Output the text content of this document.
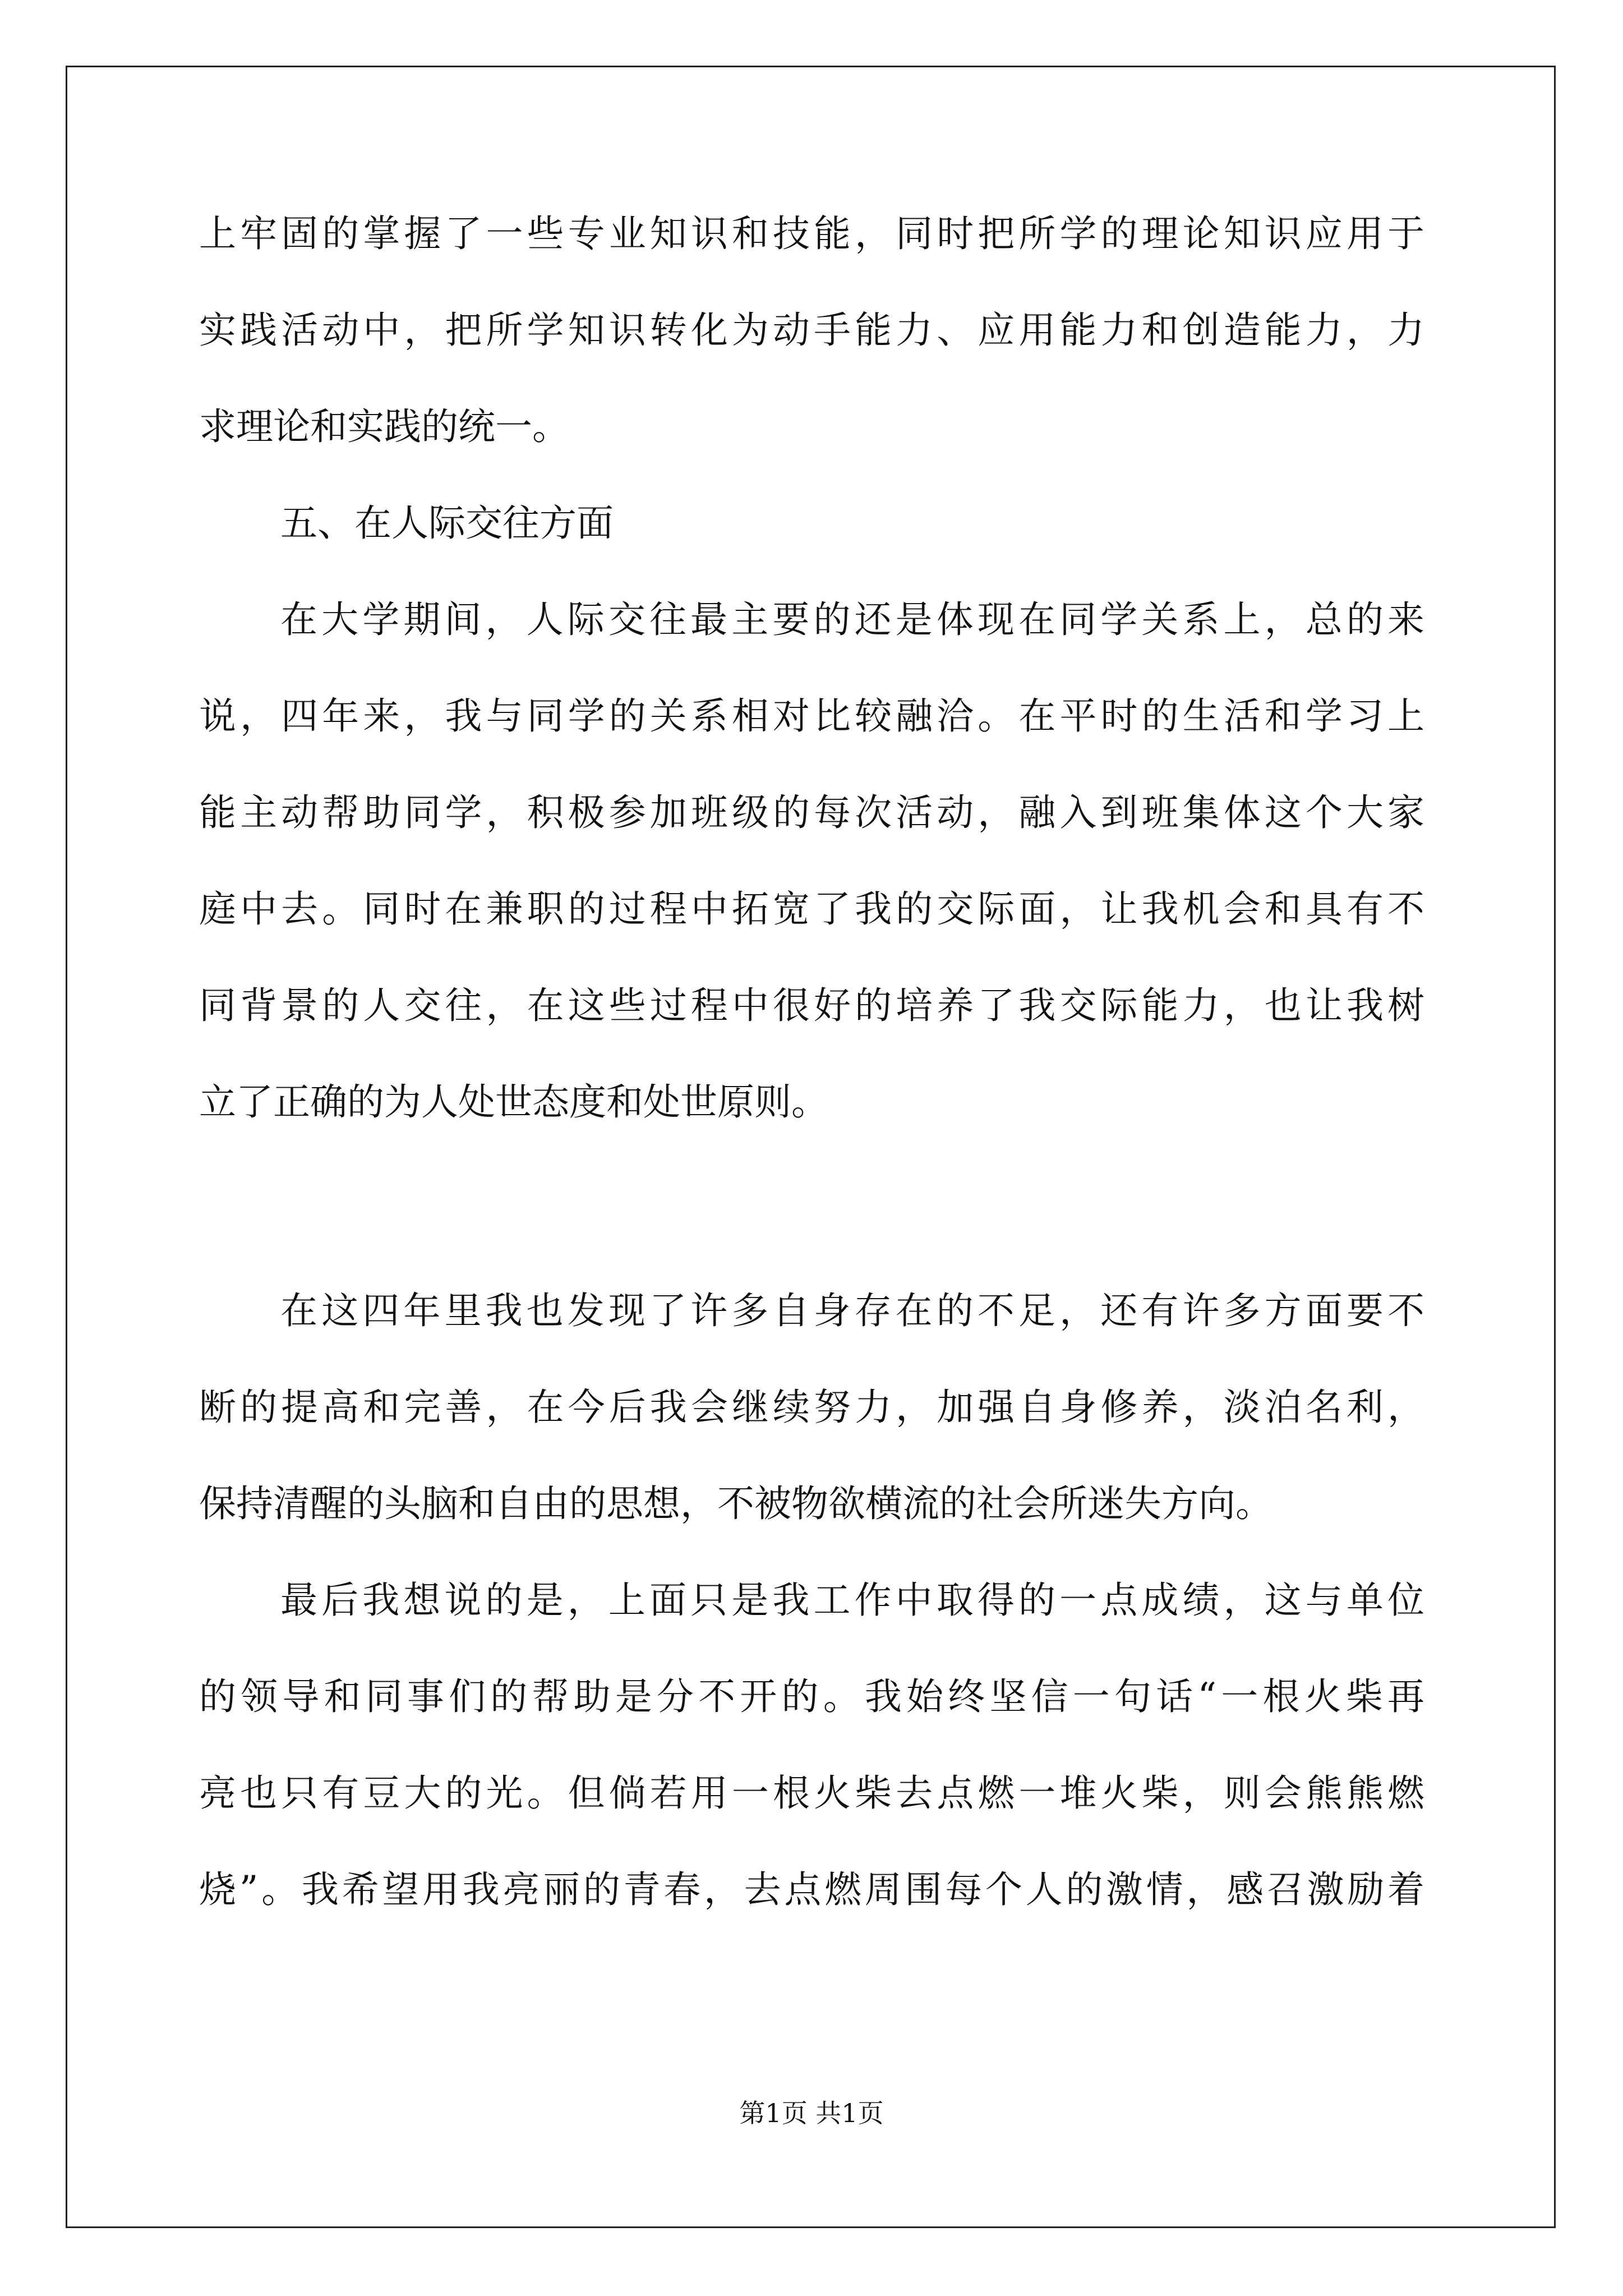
上牢固的掌握了一些专业知识和技能，同时把所学的理论知识应用于
实践活动中，把所学知识转化为动手能力、应用能力和创造能力，力
求理论和实践的统一。
五、在人际交往方面
在大学期间，人际交往最主要的还是体现在同学关系上，总的来
说，四年来，我与同学的关系相对比较融洽。在平时的生活和学习上
能主动帮助同学，积极参加班级的每次活动，融入到班集体这个大家
庭中去。同时在兼职的过程中拓宽了我的交际面，让我机会和具有不
同背景的人交往，在这些过程中很好的培养了我交际能力，也让我树
立了正确的为人处世态度和处世原则。
在这四年里我也发现了许多自身存在的不足，还有许多方面要不
断的提高和完善，在今后我会继续努力，加强自身修养，淡泊名利，
保持清醒的头脑和自由的思想，不被物欲横流的社会所迷失方向。
最后我想说的是，上面只是我工作中取得的一点成绩，这与单位
的领导和同事们的帮助是分不开的。我始终坚信一句话“一根火柴再
亮也只有豆大的光。但倘若用一根火柴去点燃一堆火柴，则会熊熊燃
烧”。我希望用我亮丽的青春，去点燃周围每个人的激情，感召激励着
第1页 共1页
